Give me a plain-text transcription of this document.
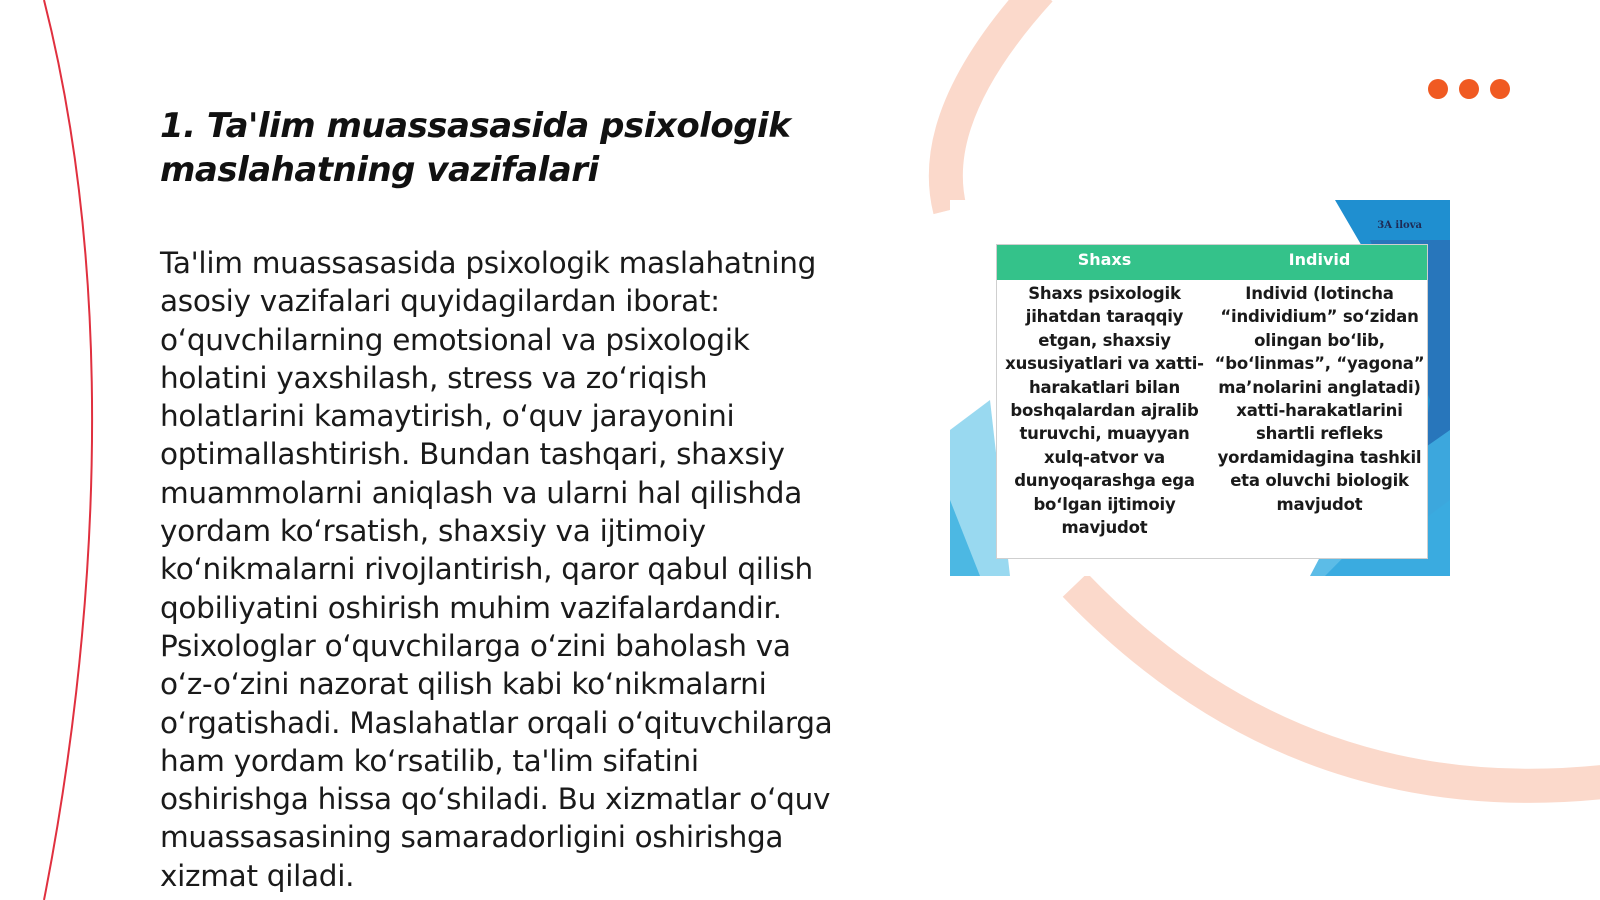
1. Ta'lim muassasasida psixologik maslahatning vazifalari
Ta'lim muassasasida psixologik maslahatning asosiy vazifalari quyidagilardan iborat: o‘quvchilarning emotsional va psixologik holatini yaxshilash, stress va zo‘riqish holatlarini kamaytirish, o‘quv jarayonini optimallashtirish. Bundan tashqari, shaxsiy muammolarni aniqlash va ularni hal qilishda yordam ko‘rsatish, shaxsiy va ijtimoiy ko‘nikmalarni rivojlantirish, qaror qabul qilish qobiliyatini oshirish muhim vazifalardandir. Psixologlar o‘quvchilarga o‘zini baholash va o‘z-o‘zini nazorat qilish kabi ko‘nikmalarni o‘rgatishadi. Maslahatlar orqali o‘qituvchilarga ham yordam ko‘rsatilib, ta'lim sifatini oshirishga hissa qo‘shiladi. Bu xizmatlar o‘quv muassasasining samaradorligini oshirishga xizmat qiladi.
3A ilova
Shaxs	Individ
Shaxs psixologik jihatdan taraqqiy etgan, shaxsiy xususiyatlari va xatti-harakatlari bilan boshqalardan ajralib turuvchi, muayyan xulq-atvor va dunyoqarashga ega bo‘lgan ijtimoiy mavjudot
Individ (lotincha “individium” so‘zidan olingan bo‘lib, “bo‘linmas”, “yagona” ma’nolarini anglatadi) xatti-harakatlarini shartli refleks yordamidagina tashkil eta oluvchi biologik mavjudot
